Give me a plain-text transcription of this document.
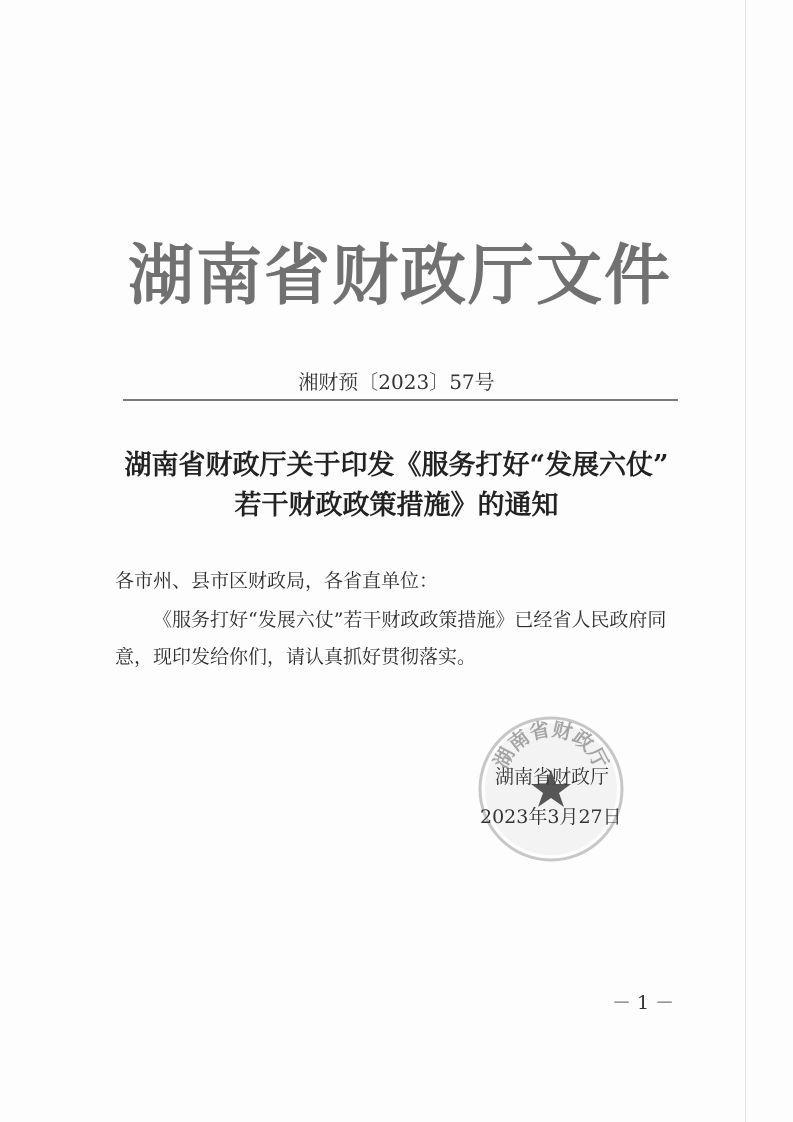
湖南省财政厅文件
湘财预〔2023〕57号
湖南省财政厅关于印发《服务打好“发展六仗”
若干财政政策措施》的通知
各市州、县市区财政局，各省直单位：
《服务打好“发展六仗”若干财政政策措施》已经省人民政府同意，现印发给你们，请认真抓好贯彻落实。
湖南省财政厅
湖南省财政厅
2023年3月27日
－ 1 －
